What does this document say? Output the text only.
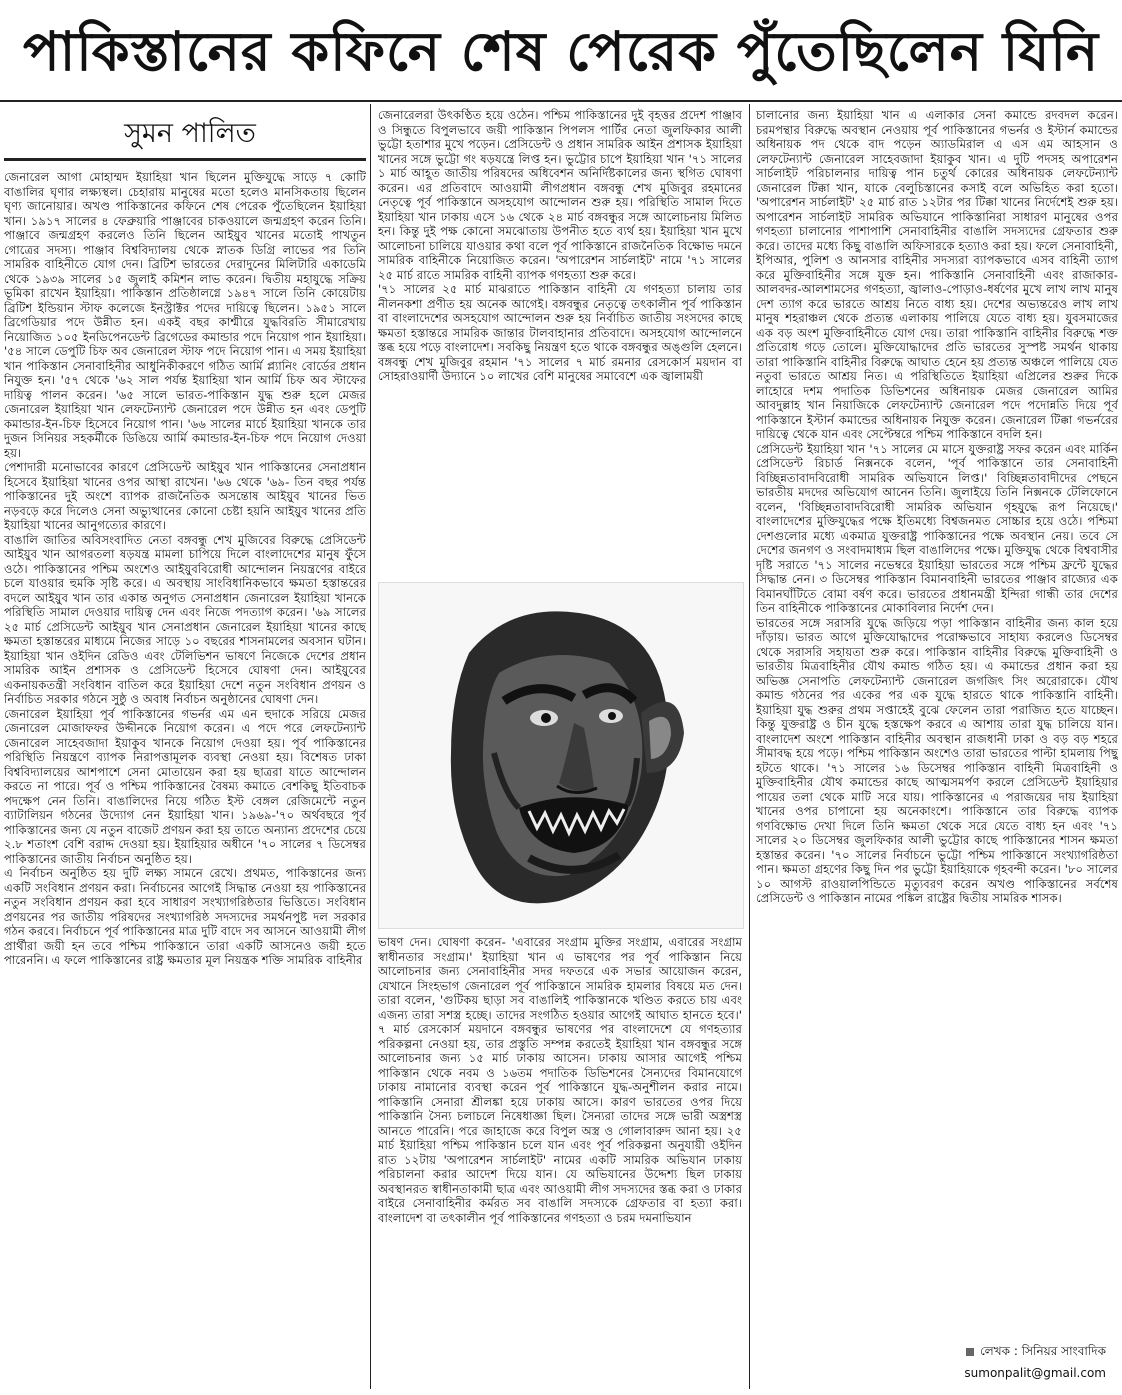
পাকিস্তানের কফিনে শেষ পেরেক পুঁতেছিলেন যিনি
সুমন পালিত

জেনারেল আগা মোহাম্মদ ইয়াহিয়া খান ছিলেন মুক্তিযুদ্ধে সাড়ে ৭ কোটি বাঙালির ঘৃণার লক্ষ্যস্থল। চেহারায় মানুষের মতো হলেও মানসিকতায় ছিলেন ঘৃণ্য জানোয়ার। অখণ্ড পাকিস্তানের কফিনে শেষ পেরেক পুঁতেছিলেন ইয়াহিয়া খান। ১৯১৭ সালের ৪ ফেব্রুয়ারি পাঞ্জাবের চাকওয়ালে জন্মগ্রহণ করেন তিনি। পাঞ্জাবে জন্মগ্রহণ করলেও তিনি ছিলেন আইয়ুব খানের মতোই পাখতুন গোত্রের সদস্য। পাঞ্জাব বিশ্ববিদ্যালয় থেকে স্নাতক ডিগ্রি লাভের পর তিনি সামরিক বাহিনীতে যোগ দেন। ব্রিটিশ ভারতের দেরাদুনের মিলিটারি একাডেমি থেকে ১৯৩৯ সালের ১৫ জুলাই কমিশন লাভ করেন। দ্বিতীয় মহাযুদ্ধে সক্রিয় ভূমিকা রাখেন ইয়াহিয়া। পাকিস্তান প্রতিষ্ঠালগ্নে ১৯৪৭ সালে তিনি কোয়েটায় ব্রিটিশ ইন্ডিয়ান স্টাফ কলেজে ইনস্ট্রাক্টর পদের দায়িত্বে ছিলেন। ১৯৫১ সালে ব্রিগেডিয়ার পদে উন্নীত হন। একই বছর কাশ্মীরে যুদ্ধবিরতি সীমারেখায় নিয়োজিত ১০৫ ইনডিপেনডেন্ট ব্রিগেডের কমান্ডার পদে নিয়োগ পান ইয়াহিয়া। '৫৪ সালে ডেপুটি চিফ অব জেনারেল স্টাফ পদে নিয়োগ পান। এ সময় ইয়াহিয়া খান পাকিস্তান সেনাবাহিনীর আধুনিকীকরণে গঠিত আর্মি প্ল্যানিং বোর্ডের প্রধান নিযুক্ত হন। '৫৭ থেকে '৬২ সাল পর্যন্ত ইয়াহিয়া খান আর্মি চিফ অব স্টাফের দায়িত্ব পালন করেন। '৬৫ সালে ভারত-পাকিস্তান যুদ্ধ শুরু হলে মেজর জেনারেল ইয়াহিয়া খান লেফটেন্যান্ট জেনারেল পদে উন্নীত হন এবং ডেপুটি কমান্ডার-ইন-চিফ হিসেবে নিয়োগ পান। '৬৬ সালের মার্চে ইয়াহিয়া খানকে তার দুজন সিনিয়র সহকর্মীকে ডিঙিয়ে আর্মি কমান্ডার-ইন-চিফ পদে নিয়োগ দেওয়া হয়।

পেশাদারী মনোভাবের কারণে প্রেসিডেন্ট আইয়ুব খান পাকিস্তানের সেনাপ্রধান হিসেবে ইয়াহিয়া খানের ওপর আস্থা রাখেন। '৬৬ থেকে '৬৯- তিন বছর পর্যন্ত পাকিস্তানের দুই অংশে ব্যাপক রাজনৈতিক অসন্তোষ আইয়ুব খানের ভিত নড়বড়ে করে দিলেও সেনা অভ্যুত্থানের কোনো চেষ্টা হয়নি আইয়ুব খানের প্রতি ইয়াহিয়া খানের আনুগত্যের কারণে।

বাঙালি জাতির অবিসংবাদিত নেতা বঙ্গবন্ধু শেখ মুজিবের বিরুদ্ধে প্রেসিডেন্ট আইয়ুব খান আগরতলা ষড়যন্ত্র মামলা চাপিয়ে দিলে বাংলাদেশের মানুষ ফুঁসে ওঠে। পাকিস্তানের পশ্চিম অংশেও আইয়ুববিরোধী আন্দোলন নিয়ন্ত্রণের বাইরে চলে যাওয়ার হুমকি সৃষ্টি করে। এ অবস্থায় সাংবিধানিকভাবে ক্ষমতা হস্তান্তরের বদলে আইয়ুব খান তার একান্ত অনুগত সেনাপ্রধান জেনারেল ইয়াহিয়া খানকে পরিস্থিতি সামাল দেওয়ার দায়িত্ব দেন এবং নিজে পদত্যাগ করেন। '৬৯ সালের ২৫ মার্চ প্রেসিডেন্ট আইয়ুব খান সেনাপ্রধান জেনারেল ইয়াহিয়া খানের কাছে ক্ষমতা হস্তান্তরের মাধ্যমে নিজের সাড়ে ১০ বছরের শাসনামলের অবসান ঘটান। ইয়াহিয়া খান ওইদিন রেডিও এবং টেলিভিশন ভাষণে নিজেকে দেশের প্রধান সামরিক আইন প্রশাসক ও প্রেসিডেন্ট হিসেবে ঘোষণা দেন। আইয়ুবের একনায়কতন্ত্রী সংবিধান বাতিল করে ইয়াহিয়া দেশে নতুন সংবিধান প্রণয়ন ও নির্বাচিত সরকার গঠনে সুষ্ঠু ও অবাধ নির্বাচন অনুষ্ঠানের ঘোষণা দেন।

জেনারেল ইয়াহিয়া পূর্ব পাকিস্তানের গভর্নর এম এন হুদাকে সরিয়ে মেজর জেনারেল মোজাফফর উদ্দীনকে নিয়োগ করেন। এ পদে পরে লেফটেন্যান্ট জেনারেল সাহেবজাদা ইয়াকুব খানকে নিয়োগ দেওয়া হয়। পূর্ব পাকিস্তানের পরিস্থিতি নিয়ন্ত্রণে ব্যাপক নিরাপত্তামূলক ব্যবস্থা নেওয়া হয়। বিশেষত ঢাকা বিশ্ববিদ্যালয়ের আশপাশে সেনা মোতায়েন করা হয় ছাত্ররা যাতে আন্দোলন করতে না পারে। পূর্ব ও পশ্চিম পাকিস্তানের বৈষম্য কমাতে বেশকিছু ইতিবাচক পদক্ষেপ নেন তিনি। বাঙালিদের নিয়ে গঠিত ইস্ট বেঙ্গল রেজিমেন্টে নতুন ব্যাটালিয়ন গঠনের উদ্যোগ নেন ইয়াহিয়া খান। ১৯৬৯-'৭০ অর্থবছরে পূর্ব পাকিস্তানের জন্য যে নতুন বাজেট প্রণয়ন করা হয় তাতে অন্যান্য প্রদেশের চেয়ে ২.৮ শতাংশ বেশি বরাদ্দ দেওয়া হয়। ইয়াহিয়ার অধীনে '৭০ সালের ৭ ডিসেম্বর পাকিস্তানের জাতীয় নির্বাচন অনুষ্ঠিত হয়।

এ নির্বাচন অনুষ্ঠিত হয় দুটি লক্ষ্য সামনে রেখে। প্রথমত, পাকিস্তানের জন্য একটি সংবিধান প্রণয়ন করা। নির্বাচনের আগেই সিদ্ধান্ত নেওয়া হয় পাকিস্তানের নতুন সংবিধান প্রণয়ন করা হবে সাধারণ সংখ্যাগরিষ্ঠতার ভিত্তিতে। সংবিধান প্রণয়নের পর জাতীয় পরিষদের সংখ্যাগরিষ্ঠ সদস্যদের সমর্থনপুষ্ট দল সরকার গঠন করবে। নির্বাচনে পূর্ব পাকিস্তানের মাত্র দুটি বাদে সব আসনে আওয়ামী লীগ প্রার্থীরা জয়ী হন তবে পশ্চিম পাকিস্তানে তারা একটি আসনেও জয়ী হতে পারেননি। এ ফলে পাকিস্তানের রাষ্ট্র ক্ষমতার মূল নিয়ন্ত্রক শক্তি সামরিক বাহিনীর

জেনারেলরা উৎকণ্ঠিত হয়ে ওঠেন। পশ্চিম পাকিস্তানের দুই বৃহত্তর প্রদেশ পাঞ্জাব ও সিন্ধুতে বিপুলভাবে জয়ী পাকিস্তান পিপলস পার্টির নেতা জুলফিকার আলী ভুট্টো হতাশার মুখে পড়েন। প্রেসিডেন্ট ও প্রধান সামরিক আইন প্রশাসক ইয়াহিয়া খানের সঙ্গে ভুট্টো গং ষড়যন্ত্রে লিপ্ত হন। ভুট্টোর চাপে ইয়াহিয়া খান '৭১ সালের ১ মার্চ আহূত জাতীয় পরিষদের অধিবেশন অনির্দিষ্টকালের জন্য স্থগিত ঘোষণা করেন। এর প্রতিবাদে আওয়ামী লীগপ্রধান বঙ্গবন্ধু শেখ মুজিবুর রহমানের নেতৃত্বে পূর্ব পাকিস্তানে অসহযোগ আন্দোলন শুরু হয়। পরিস্থিতি সামাল দিতে ইয়াহিয়া খান ঢাকায় এসে ১৬ থেকে ২৪ মার্চ বঙ্গবন্ধুর সঙ্গে আলোচনায় মিলিত হন। কিন্তু দুই পক্ষ কোনো সমঝোতায় উপনীত হতে ব্যর্থ হয়। ইয়াহিয়া খান মুখে আলোচনা চালিয়ে যাওয়ার কথা বলে পূর্ব পাকিস্তানে রাজনৈতিক বিক্ষোভ দমনে সামরিক বাহিনীকে নিয়োজিত করেন। 'অপারেশন সার্চলাইট' নামে '৭১ সালের ২৫ মার্চ রাতে সামরিক বাহিনী ব্যাপক গণহত্যা শুরু করে।

'৭১ সালের ২৫ মার্চ মাঝরাতে পাকিস্তান বাহিনী যে গণহত্যা চালায় তার নীলনকশা প্রণীত হয় অনেক আগেই। বঙ্গবন্ধুর নেতৃত্বে তৎকালীন পূর্ব পাকিস্তান বা বাংলাদেশের অসহযোগ আন্দোলন শুরু হয় নির্বাচিত জাতীয় সংসদের কাছে ক্ষমতা হস্তান্তরে সামরিক জান্তার টালবাহানার প্রতিবাদে। অসহযোগ আন্দোলনে স্তব্ধ হয়ে পড়ে বাংলাদেশ। সবকিছু নিয়ন্ত্রণ হতে থাকে বঙ্গবন্ধুর অঙ্গুলি হেলনে। বঙ্গবন্ধু শেখ মুজিবুর রহমান '৭১ সালের ৭ মার্চ রমনার রেসকোর্স ময়দান বা সোহরাওয়ার্দী উদ্যানে ১০ লাখের বেশি মানুষের সমাবেশে এক জ্বালাময়ী

ভাষণ দেন। ঘোষণা করেন- 'এবারের সংগ্রাম মুক্তির সংগ্রাম, এবারের সংগ্রাম স্বাধীনতার সংগ্রাম।' ইয়াহিয়া খান এ ভাষণের পর পূর্ব পাকিস্তান নিয়ে আলোচনার জন্য সেনাবাহিনীর সদর দফতরে এক সভার আয়োজন করেন, যেখানে সিংহভাগ জেনারেল পূর্ব পাকিস্তানে সামরিক হামলার বিষয়ে মত দেন। তারা বলেন, 'গুটিকয় ছাড়া সব বাঙালিই পাকিস্তানকে খণ্ডিত করতে চায় এবং এজন্য তারা সশস্ত্র হচ্ছে। তাদের সংগঠিত হওয়ার আগেই আঘাত হানতে হবে।' ৭ মার্চ রেসকোর্স ময়দানে বঙ্গবন্ধুর ভাষণের পর বাংলাদেশে যে গণহত্যার পরিকল্পনা নেওয়া হয়, তার প্রস্তুতি সম্পন্ন করতেই ইয়াহিয়া খান বঙ্গবন্ধুর সঙ্গে আলোচনার জন্য ১৫ মার্চ ঢাকায় আসেন। ঢাকায় আসার আগেই পশ্চিম পাকিস্তান থেকে নবম ও ১৬তম পদাতিক ডিভিশনের সৈন্যদের বিমানযোগে ঢাকায় নামানোর ব্যবস্থা করেন পূর্ব পাকিস্তানে যুদ্ধ-অনুশীলন করার নামে। পাকিস্তানি সেনারা শ্রীলঙ্কা হয়ে ঢাকায় আসে। কারণ ভারতের ওপর দিয়ে পাকিস্তানি সৈন্য চলাচলে নিষেধাজ্ঞা ছিল। সৈন্যরা তাদের সঙ্গে ভারী অস্ত্রশস্ত্র আনতে পারেনি। পরে জাহাজে করে বিপুল অস্ত্র ও গোলাবারুদ আনা হয়। ২৫ মার্চ ইয়াহিয়া পশ্চিম পাকিস্তান চলে যান এবং পূর্ব পরিকল্পনা অনুযায়ী ওইদিন রাত ১২টায় 'অপারেশন সার্চলাইট' নামের একটি সামরিক অভিযান ঢাকায় পরিচালনা করার আদেশ দিয়ে যান। যে অভিযানের উদ্দেশ্য ছিল ঢাকায় অবস্থানরত স্বাধীনতাকামী ছাত্র এবং আওয়ামী লীগ সদস্যদের স্তব্ধ করা ও ঢাকার বাইরে সেনাবাহিনীর কর্মরত সব বাঙালি সদস্যকে গ্রেফতার বা হত্যা করা। বাংলাদেশ বা তৎকালীন পূর্ব পাকিস্তানের গণহত্যা ও চরম দমনাভিযান

চালানোর জন্য ইয়াহিয়া খান এ এলাকার সেনা কমান্ডে রদবদল করেন। চরমপন্থার বিরুদ্ধে অবস্থান নেওয়ায় পূর্ব পাকিস্তানের গভর্নর ও ইস্টার্ন কমান্ডের অধিনায়ক পদ থেকে বাদ পড়েন অ্যাডমিরাল এ এস এম আহসান ও লেফটেন্যান্ট জেনারেল সাহেবজাদা ইয়াকুব খান। এ দুটি পদসহ অপারেশন সার্চলাইট পরিচালনার দায়িত্ব পান চতুর্থ কোরের অধিনায়ক লেফটেন্যান্ট জেনারেল টিক্কা খান, যাকে বেলুচিস্তানের কসাই বলে অভিহিত করা হতো। 'অপারেশন সার্চলাইট' ২৫ মার্চ রাত ১২টার পর টিক্কা খানের নির্দেশেই শুরু হয়। অপারেশন সার্চলাইট সামরিক অভিযানে পাকিস্তানিরা সাধারণ মানুষের ওপর গণহত্যা চালানোর পাশাপাশি সেনাবাহিনীর বাঙালি সদস্যদের গ্রেফতার শুরু করে। তাদের মধ্যে কিছু বাঙালি অফিসারকে হত্যাও করা হয়। ফলে সেনাবাহিনী, ইপিআর, পুলিশ ও আনসার বাহিনীর সদস্যরা ব্যাপকভাবে এসব বাহিনী ত্যাগ করে মুক্তিবাহিনীর সঙ্গে যুক্ত হন। পাকিস্তানি সেনাবাহিনী এবং রাজাকার-আলবদর-আলশামসের গণহত্যা, জ্বালাও-পোড়াও-ধর্ষণের মুখে লাখ লাখ মানুষ দেশ ত্যাগ করে ভারতে আশ্রয় নিতে বাধ্য হয়। দেশের অভ্যন্তরেও লাখ লাখ মানুষ শহরাঞ্চল থেকে প্রত্যন্ত এলাকায় পালিয়ে যেতে বাধ্য হয়। যুবসমাজের এক বড় অংশ মুক্তিবাহিনীতে যোগ দেয়। তারা পাকিস্তানি বাহিনীর বিরুদ্ধে শক্ত প্রতিরোধ গড়ে তোলে। মুক্তিযোদ্ধাদের প্রতি ভারতের সুস্পষ্ট সমর্থন থাকায় তারা পাকিস্তানি বাহিনীর বিরুদ্ধে আঘাত হেনে হয় প্রত্যন্ত অঞ্চলে পালিয়ে যেত নতুবা ভারতে আশ্রয় নিত। এ পরিস্থিতিতে ইয়াহিয়া এপ্রিলের শুরুর দিকে লাহোরে দশম পদাতিক ডিভিশনের অধিনায়ক মেজর জেনারেল আমির আবদুল্লাহ খান নিয়াজিকে লেফটেন্যান্ট জেনারেল পদে পদোন্নতি দিয়ে পূর্ব পাকিস্তানে ইস্টার্ন কমান্ডের অধিনায়ক নিযুক্ত করেন। জেনারেল টিক্কা গভর্নরের দায়িত্বে থেকে যান এবং সেপ্টেম্বরে পশ্চিম পাকিস্তানে বদলি হন।

প্রেসিডেন্ট ইয়াহিয়া খান '৭১ সালের মে মাসে যুক্তরাষ্ট্র সফর করেন এবং মার্কিন প্রেসিডেন্ট রিচার্ড নিক্সনকে বলেন, 'পূর্ব পাকিস্তানে তার সেনাবাহিনী বিচ্ছিন্নতাবাদবিরোধী সামরিক অভিযানে লিপ্ত।' বিচ্ছিন্নতাবাদীদের পেছনে ভারতীয় মদদের অভিযোগ আনেন তিনি। জুলাইয়ে তিনি নিক্সনকে টেলিফোনে বলেন, 'বিচ্ছিন্নতাবাদবিরোধী সামরিক অভিযান গৃহযুদ্ধে রূপ নিয়েছে।' বাংলাদেশের মুক্তিযুদ্ধের পক্ষে ইতিমধ্যে বিশ্বজনমত সোচ্চার হয়ে ওঠে। পশ্চিমা দেশগুলোর মধ্যে একমাত্র যুক্তরাষ্ট্র পাকিস্তানের পক্ষে অবস্থান নেয়। তবে সে দেশের জনগণ ও সংবাদমাধ্যম ছিল বাঙালিদের পক্ষে। মুক্তিযুদ্ধ থেকে বিশ্ববাসীর দৃষ্টি সরাতে '৭১ সালের নভেম্বরে ইয়াহিয়া ভারতের সঙ্গে পশ্চিম ফ্রন্টে যুদ্ধের সিদ্ধান্ত নেন। ৩ ডিসেম্বর পাকিস্তান বিমানবাহিনী ভারতের পাঞ্জাব রাজ্যের এক বিমানঘাঁটিতে বোমা বর্ষণ করে। ভারতের প্রধানমন্ত্রী ইন্দিরা গান্ধী তার দেশের তিন বাহিনীকে পাকিস্তানের মোকাবিলার নির্দেশ দেন।

ভারতের সঙ্গে সরাসরি যুদ্ধে জড়িয়ে পড়া পাকিস্তান বাহিনীর জন্য কাল হয়ে দাঁড়ায়। ভারত আগে মুক্তিযোদ্ধাদের পরোক্ষভাবে সাহায্য করলেও ডিসেম্বর থেকে সরাসরি সহায়তা শুরু করে। পাকিস্তান বাহিনীর বিরুদ্ধে মুক্তিবাহিনী ও ভারতীয় মিত্রবাহিনীর যৌথ কমান্ড গঠিত হয়। এ কমান্ডের প্রধান করা হয় অভিজ্ঞ সেনাপতি লেফটেন্যান্ট জেনারেল জগজিৎ সিং অরোরাকে। যৌথ কমান্ড গঠনের পর একের পর এক যুদ্ধে হারতে থাকে পাকিস্তানি বাহিনী। ইয়াহিয়া যুদ্ধ শুরুর প্রথম সপ্তাহেই বুঝে ফেলেন তারা পরাজিত হতে যাচ্ছেন। কিন্তু যুক্তরাষ্ট্র ও চীন যুদ্ধে হস্তক্ষেপ করবে এ আশায় তারা যুদ্ধ চালিয়ে যান। বাংলাদেশ অংশে পাকিস্তান বাহিনীর অবস্থান রাজধানী ঢাকা ও বড় বড় শহরে সীমাবদ্ধ হয়ে পড়ে। পশ্চিম পাকিস্তান অংশেও তারা ভারতের পাল্টা হামলায় পিছু হটতে থাকে। '৭১ সালের ১৬ ডিসেম্বর পাকিস্তান বাহিনী মিত্রবাহিনী ও মুক্তিবাহিনীর যৌথ কমান্ডের কাছে আত্মসমর্পণ করলে প্রেসিডেন্ট ইয়াহিয়ার পায়ের তলা থেকে মাটি সরে যায়। পাকিস্তানের এ পরাজয়ের দায় ইয়াহিয়া খানের ওপর চাপানো হয় অনেকাংশে। পাকিস্তানে তার বিরুদ্ধে ব্যাপক গণবিক্ষোভ দেখা দিলে তিনি ক্ষমতা থেকে সরে যেতে বাধ্য হন এবং '৭১ সালের ২০ ডিসেম্বর জুলফিকার আলী ভুট্টোর কাছে পাকিস্তানের শাসন ক্ষমতা হস্তান্তর করেন। '৭০ সালের নির্বাচনে ভুট্টো পশ্চিম পাকিস্তানে সংখ্যাগরিষ্ঠতা পান। ক্ষমতা গ্রহণের কিছু দিন পর ভুট্টো ইয়াহিয়াকে গৃহবন্দী করেন। '৮০ সালের ১০ আগস্ট রাওয়ালপিন্ডিতে মৃত্যুবরণ করেন অখণ্ড পাকিস্তানের সর্বশেষ প্রেসিডেন্ট ও পাকিস্তান নামের পঙ্কিল রাষ্ট্রের দ্বিতীয় সামরিক শাসক।

লেখক : সিনিয়র সাংবাদিক
sumonpalit@gmail.com
